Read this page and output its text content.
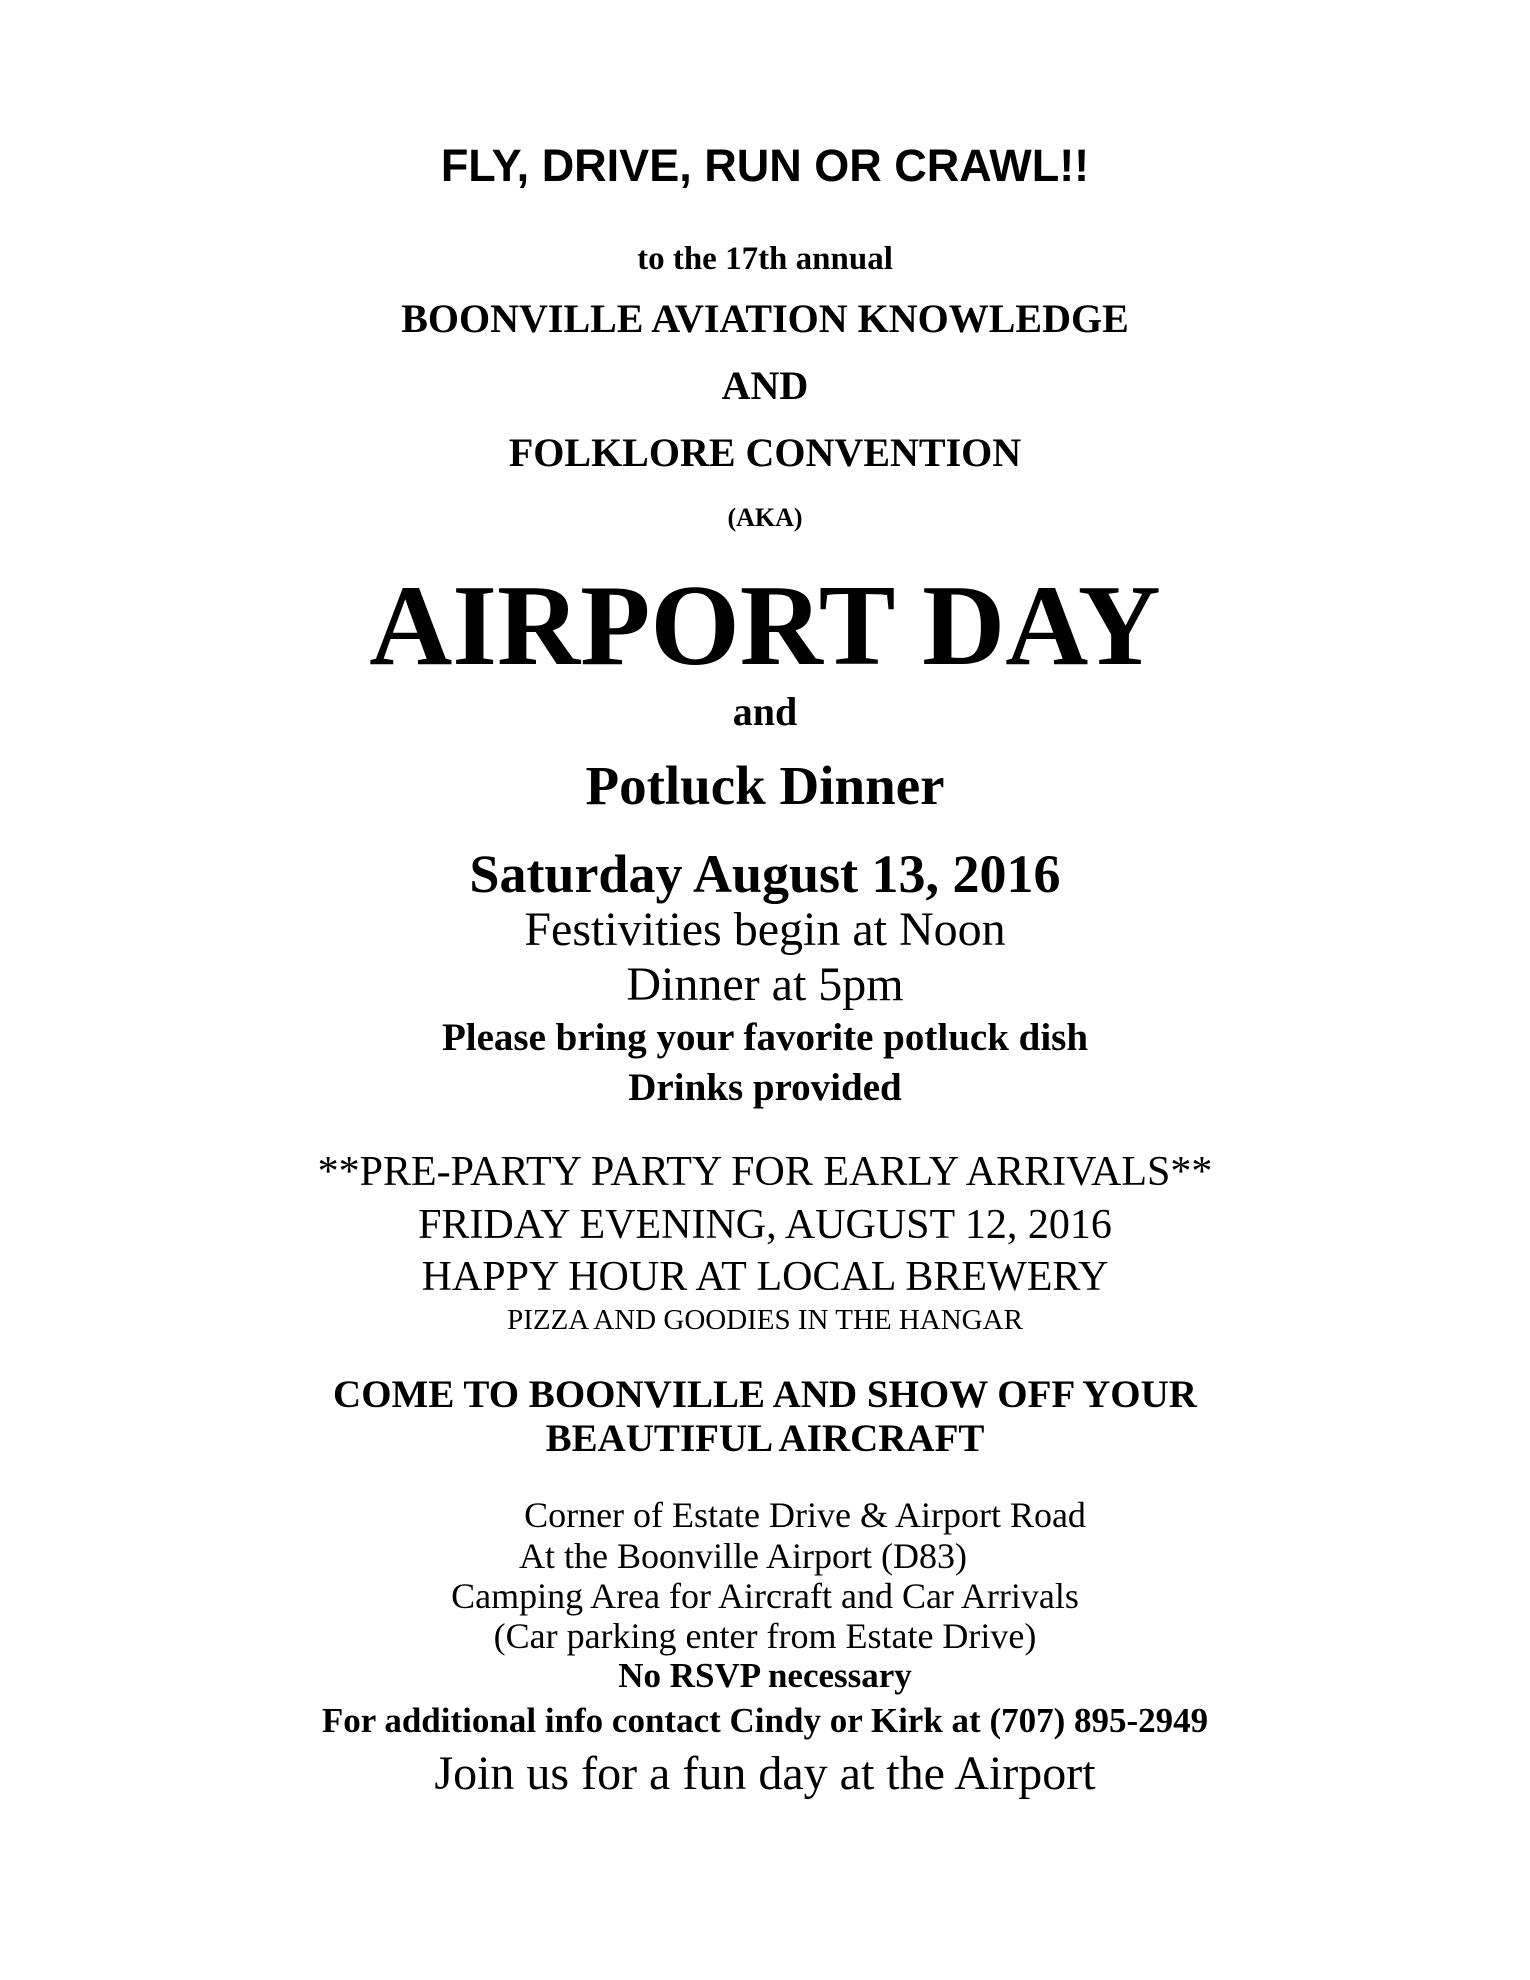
FLY, DRIVE, RUN OR CRAWL!!

to the 17th annual

BOONVILLE AVIATION KNOWLEDGE

AND

FOLKLORE CONVENTION

(AKA)

AIRPORT DAY

and

Potluck Dinner

Saturday August 13, 2016

Festivities begin at Noon

Dinner at 5pm

Please bring your favorite potluck dish

Drinks provided

**PRE-PARTY PARTY FOR EARLY ARRIVALS**

FRIDAY EVENING, AUGUST 12, 2016

HAPPY HOUR AT LOCAL BREWERY

PIZZA AND GOODIES IN THE HANGAR

COME TO BOONVILLE AND SHOW OFF YOUR

BEAUTIFUL AIRCRAFT

Corner of Estate Drive & Airport Road

At the Boonville Airport (D83)

Camping Area for Aircraft and Car Arrivals

(Car parking enter from Estate Drive)

No RSVP necessary

For additional info contact Cindy or Kirk at (707) 895-2949

Join us for a fun day at the Airport
